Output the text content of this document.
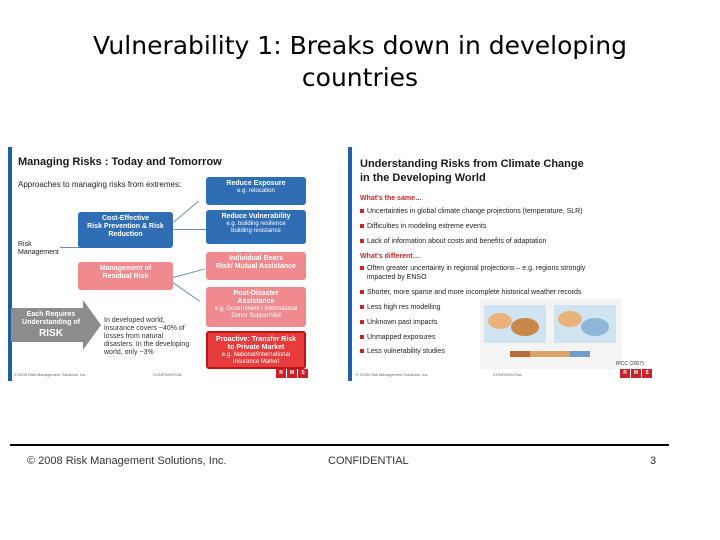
Vulnerability 1: Breaks down in developing
countries
Managing Risks : Today and Tomorrow
Approaches to managing risks from extremes:
Risk
Management
Reduce Exposure
e.g. relocation
Reduce Vulnerability
e.g. building resilience
building resistance
Cost-Effective
Risk Prevention & Risk
Reduction
Management of
Residual Risk
Individual Bears
Risk/ Mutual Assistance
Post-Disaster
Assistance
e.g. Government / International
Donor Support/Aid
Proactive: Transfer Risk
to Private Market
e.g. National/International
Insurance Market
Each Requires
Understanding of
RISK
In developed world,
insurance covers ~40% of
losses from natural
disasters. In the developing
world, only ~3%
© 2008 Risk Management Solutions, Inc.	CONFIDENTIAL	R	M	S
Understanding Risks from Climate Change
in the Developing World
What's the same…
Uncertainties in global climate change projections (temperature, SLR)
Difficulties in modeling extreme events
Lack of information about costs and benefits of adaptation
What's different…
Often greater uncertainty in regional projections – e.g. regions strongly
impacted by ENSO
Shorter, more sparse and more incomplete historical weather records
Less high res modelling
Unknown past impacts
Unmapped exposures
Less vulnerability studies
IPCC (2007)
© 2008 Risk Management Solutions, Inc.	CONFIDENTIAL	R	M	S
© 2008 Risk Management Solutions, Inc.	CONFIDENTIAL	3
